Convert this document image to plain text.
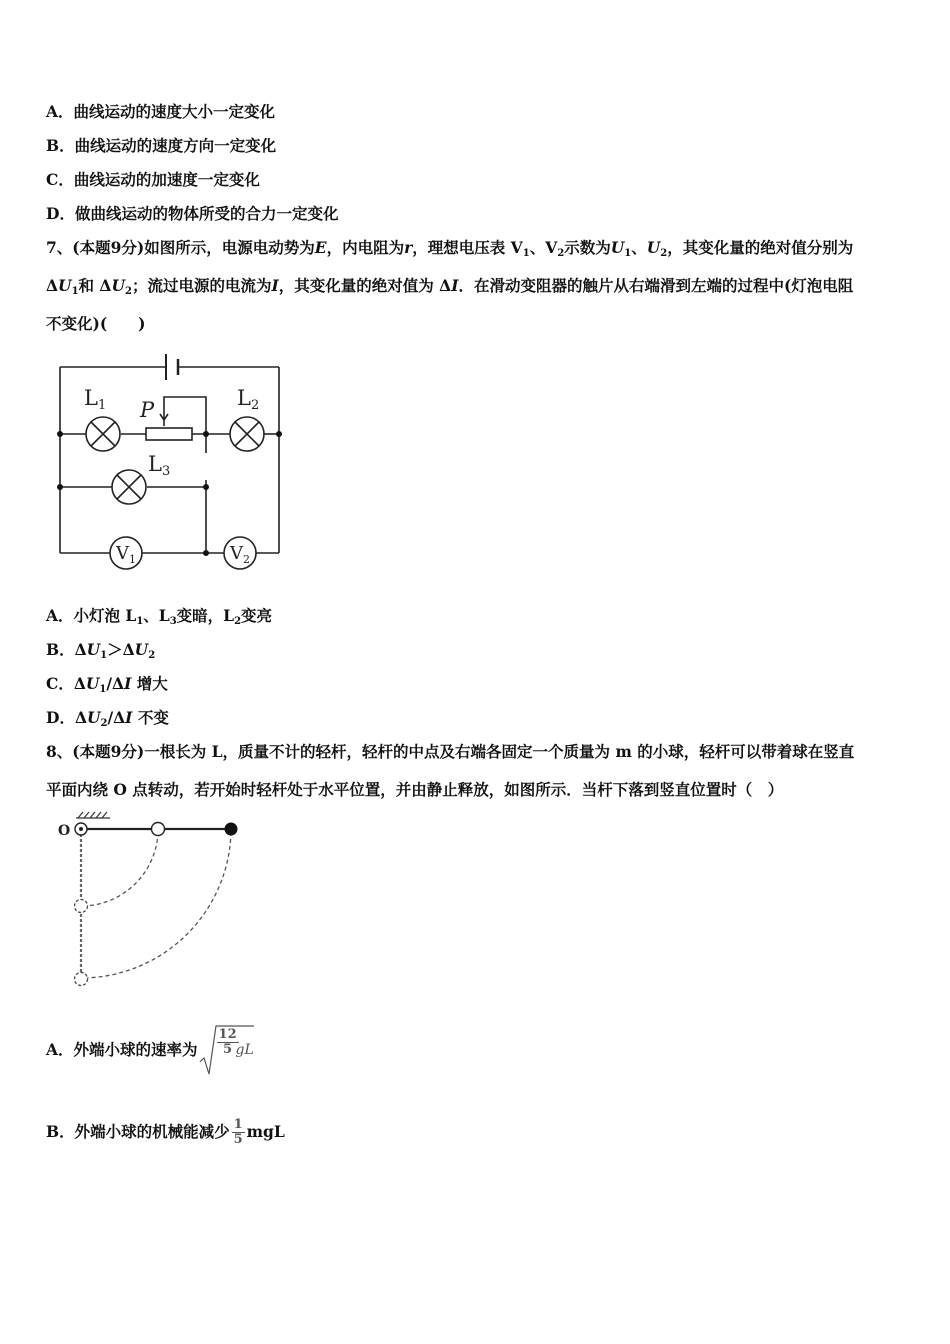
A．曲线运动的速度大小一定变化
B．曲线运动的速度方向一定变化
C．曲线运动的加速度一定变化
D．做曲线运动的物体所受的合力一定变化
7、(本题9分)如图所示，电源电动势为E，内电阻为r，理想电压表 $V_1$、$V_2$示数为$U_1$、$U_2$，其变化量的绝对值分别为
$\Delta U_1$和 $\Delta U_2$；流过电源的电流为I，其变化量的绝对值为 ΔI．在滑动变阻器的触片从右端滑到左端的过程中(灯泡电阻
不变化)(　　)
L1	L2
L3
P
$V_1$	$V_2$
A．小灯泡 $L_1$、$L_3$变暗，$L_2$变亮
B．$\Delta U_1>\Delta U_2$
C．$\Delta U_1/\Delta I$ 增大
D．$\Delta U_2/\Delta I$ 不变
8、(本题9分)一根长为 L，质量不计的轻杆，轻杆的中点及右端各固定一个质量为 m 的小球，轻杆可以带着球在竖直
平面内绕 O 点转动，若开始时轻杆处于水平位置，并由静止释放，如图所示．当杆下落到竖直位置时（　）
O
A．外端小球的速率为 $\frac{12}{5}$
gL
B．外端小球的机械能减少 $\frac{1}{5}$ mgL
